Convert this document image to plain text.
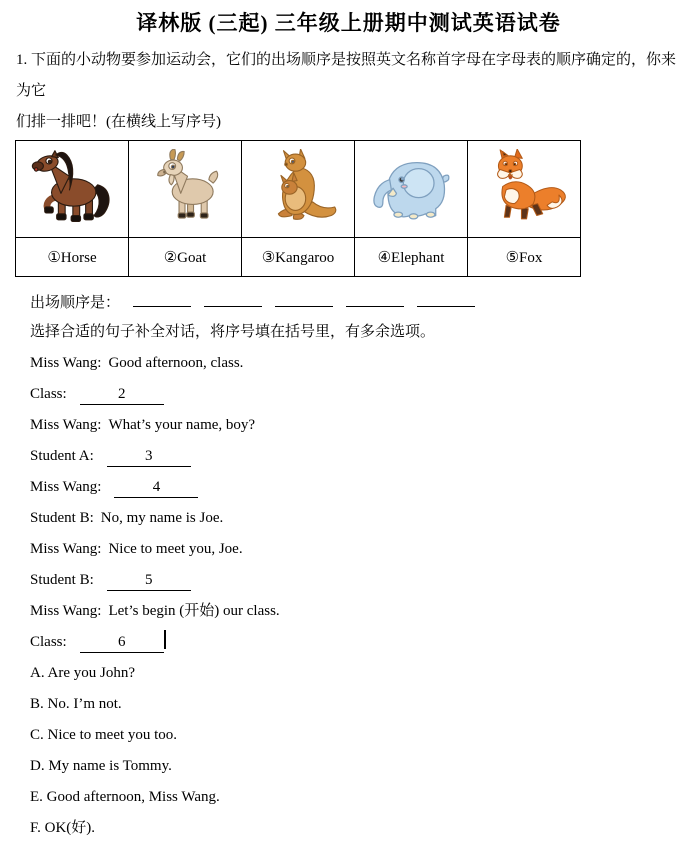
译林版 (三起) 三年级上册期中测试英语试卷

1. 下面的小动物要参加运动会，它们的出场顺序是按照英文名称首字母在字母表的顺序确定的，你来为它
们排一排吧！(在横线上写序号)

①Horse	②Goat	③Kangaroo	④Elephant	⑤Fox
出场顺序是：
选择合适的句子补全对话，将序号填在括号里，有多余选项。
Miss Wang: Good afternoon, class.
Class:	2
Miss Wang: What’s your name, boy?
Student A:	3
Miss Wang:	4
Student B: No, my name is Joe.
Miss Wang: Nice to meet you, Joe.
Student B:	5
Miss Wang: Let’s begin (开始) our class.
Class:	6
A. Are you John?
B. No. I’m not.
C. Nice to meet you too.
D. My name is Tommy.
E. Good afternoon, Miss Wang.
F. OK(好).
